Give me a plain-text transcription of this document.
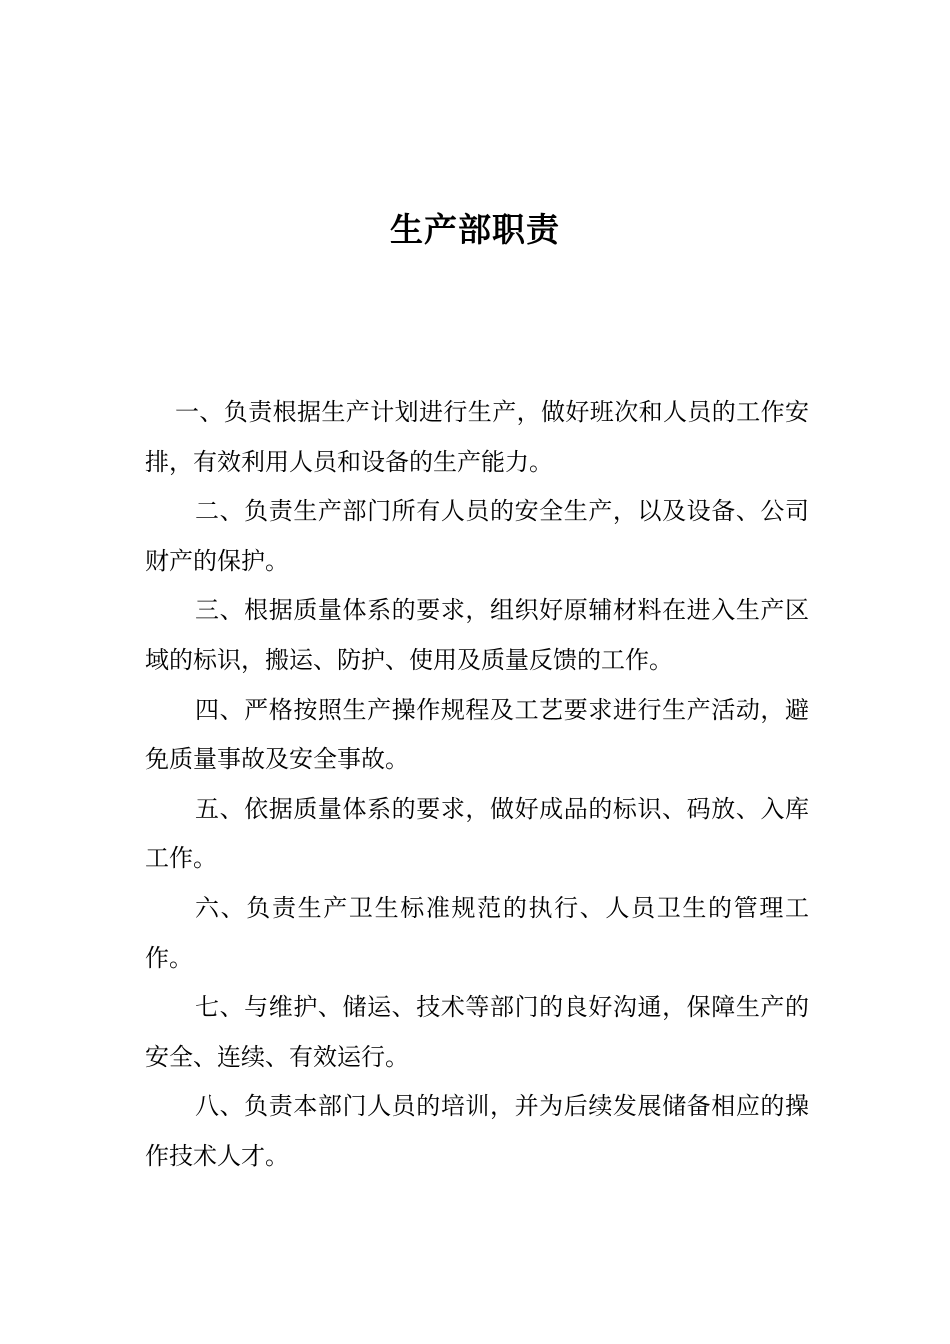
生产部职责

一、负责根据生产计划进行生产，做好班次和人员的工作安排，有效利用人员和设备的生产能力。

二、负责生产部门所有人员的安全生产，以及设备、公司财产的保护。

三、根据质量体系的要求，组织好原辅材料在进入生产区域的标识，搬运、防护、使用及质量反馈的工作。

四、严格按照生产操作规程及工艺要求进行生产活动，避免质量事故及安全事故。

五、依据质量体系的要求，做好成品的标识、码放、入库工作。

六、负责生产卫生标准规范的执行、人员卫生的管理工作。

七、与维护、储运、技术等部门的良好沟通，保障生产的安全、连续、有效运行。

八、负责本部门人员的培训，并为后续发展储备相应的操作技术人才。
